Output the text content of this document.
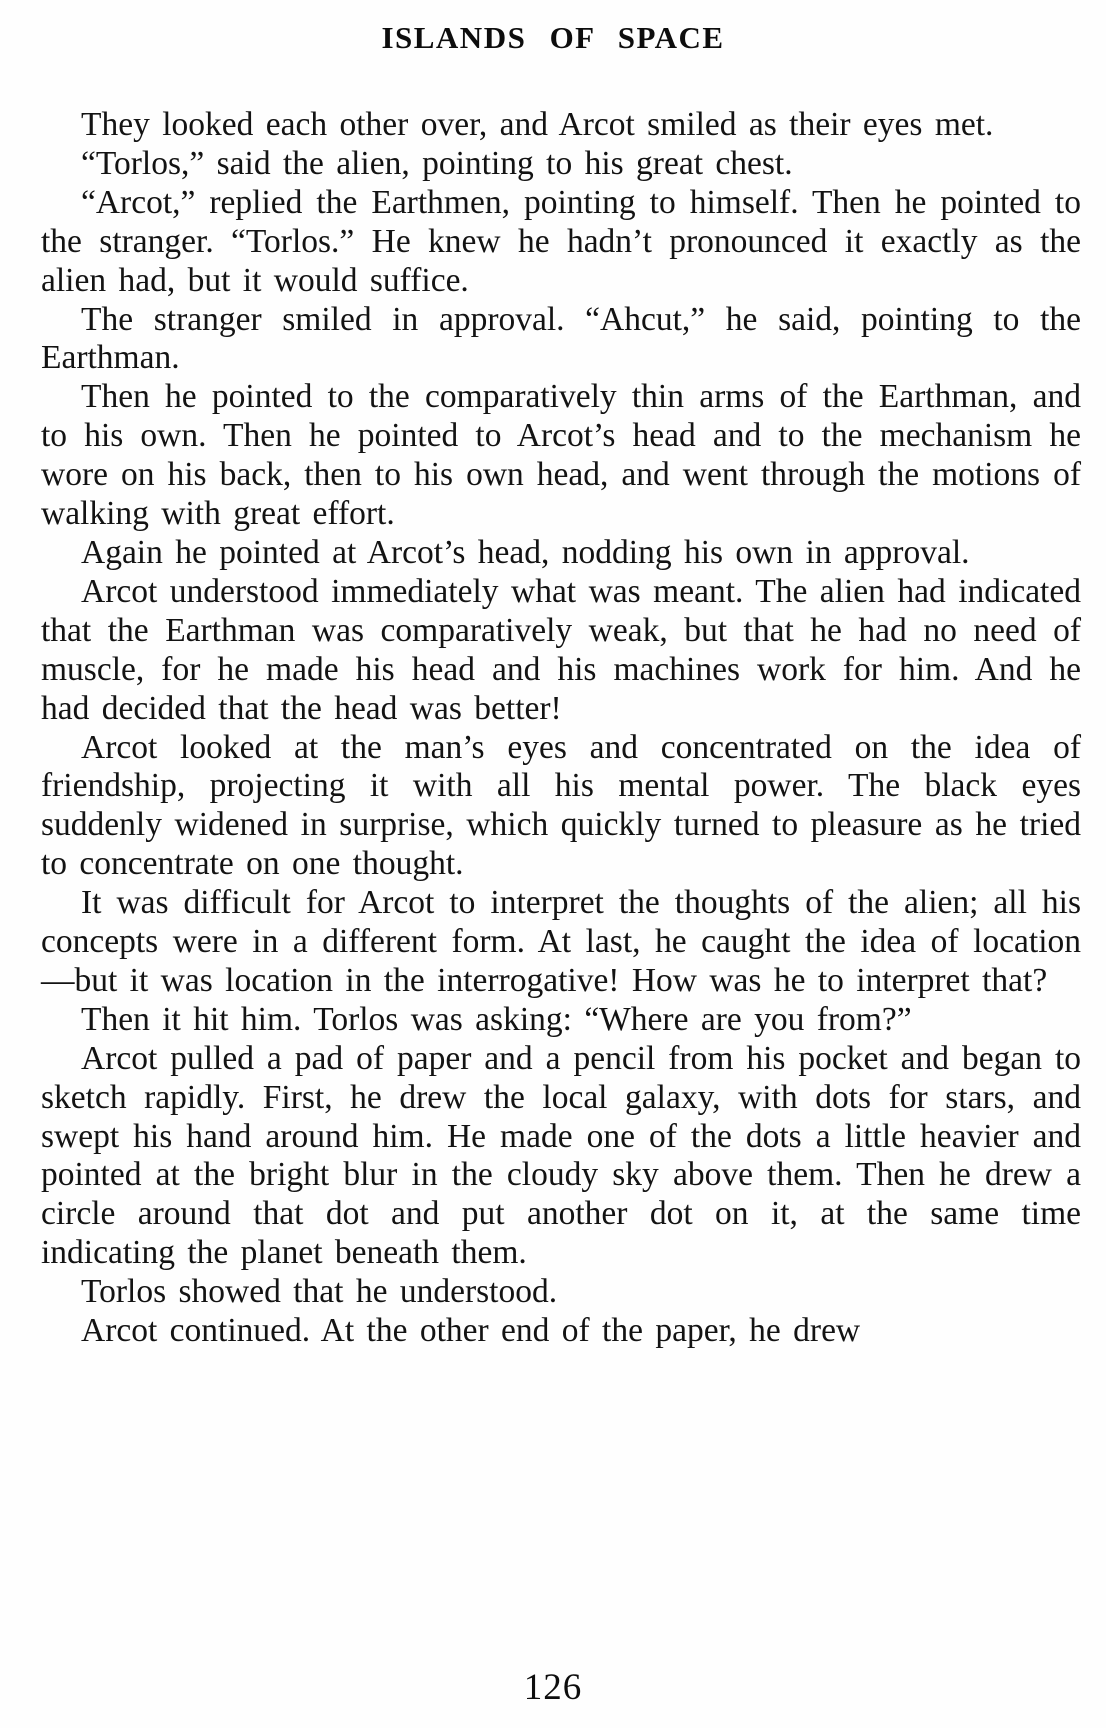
ISLANDS OF SPACE

They looked each other over, and Arcot smiled as their eyes met.

“Torlos,” said the alien, pointing to his great chest.

“Arcot,” replied the Earthmen, pointing to himself. Then he pointed to the stranger. “Torlos.” He knew he hadn’t pronounced it exactly as the alien had, but it would suffice.

The stranger smiled in approval. “Ahcut,” he said, pointing to the Earthman.

Then he pointed to the comparatively thin arms of the Earthman, and to his own. Then he pointed to Arcot’s head and to the mechanism he wore on his back, then to his own head, and went through the motions of walking with great effort.

Again he pointed at Arcot’s head, nodding his own in approval.

Arcot understood immediately what was meant. The alien had indicated that the Earthman was comparatively weak, but that he had no need of muscle, for he made his head and his machines work for him. And he had decided that the head was better!

Arcot looked at the man’s eyes and concentrated on the idea of friendship, projecting it with all his mental power. The black eyes suddenly widened in surprise, which quickly turned to pleasure as he tried to concentrate on one thought.

It was difficult for Arcot to interpret the thoughts of the alien; all his concepts were in a different form. At last, he caught the idea of location—but it was location in the interrogative! How was he to interpret that?

Then it hit him. Torlos was asking: “Where are you from?”

Arcot pulled a pad of paper and a pencil from his pocket and began to sketch rapidly. First, he drew the local galaxy, with dots for stars, and swept his hand around him. He made one of the dots a little heavier and pointed at the bright blur in the cloudy sky above them. Then he drew a circle around that dot and put another dot on it, at the same time indicating the planet beneath them.

Torlos showed that he understood.

Arcot continued. At the other end of the paper, he drew

126
